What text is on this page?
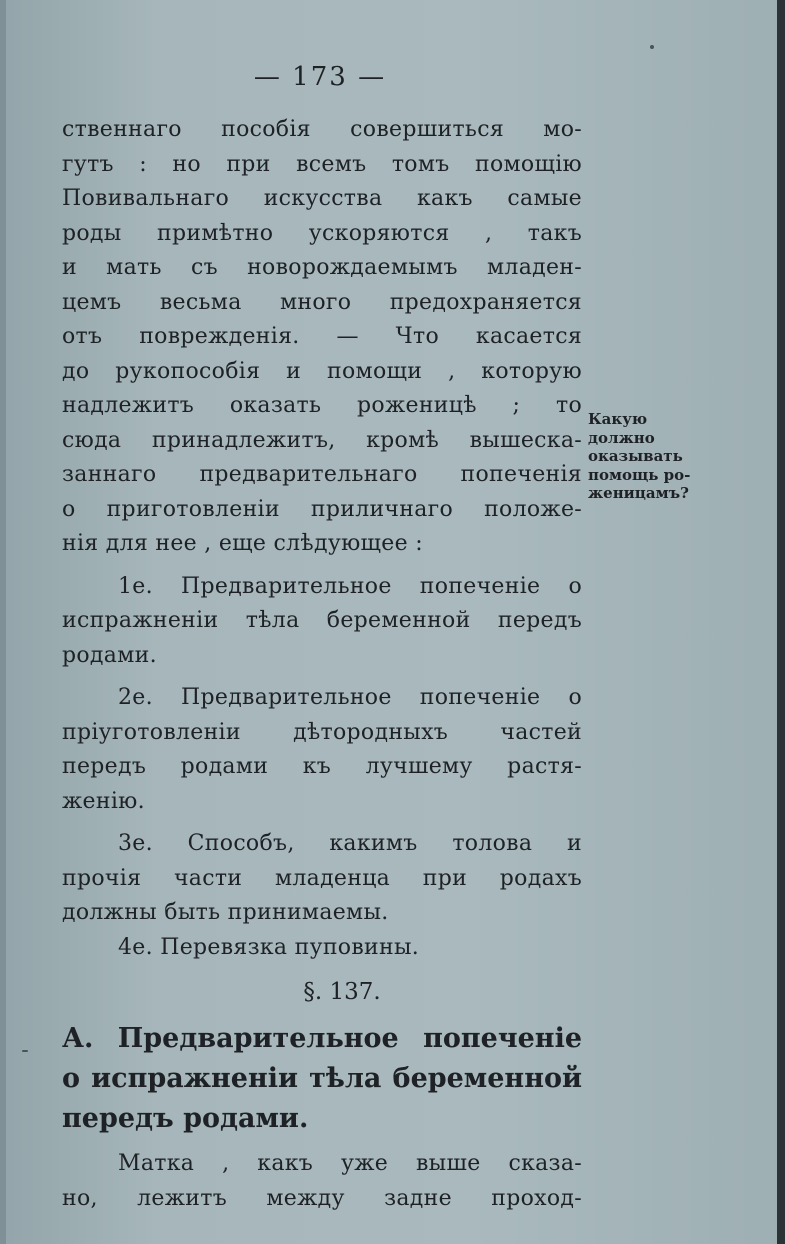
— 173 —
ственнаго пособія совершиться мо-
гутъ : но при всемъ томъ помощію
Повивальнаго искусства какъ самые
роды примѣтно ускоряются , такъ
и мать съ новорождаемымъ младен-
цемъ весьма много предохраняется
отъ поврежденія. — Что касается
до рукопособія и помощи , которую
надлежитъ оказать роженицѣ ; то
сюда принадлежитъ, кромѣ вышеска-
заннаго предварительнаго попеченія
о приготовленіи приличнаго положе-
нія для нее , еще слѣдующее :
1е. Предварительное попеченіе о
испражненіи тѣла беременной передъ
родами.
2е. Предварительное попеченіе о
пріуготовленіи дѣтородныхъ частей
передъ родами къ лучшему растя-
женію.
3е. Способъ, какимъ толова и
прочія части младенца при родахъ
должны быть принимаемы.
4е. Перевязка пуповины.
§. 137.
А. Предварительное попеченіе
о испражненіи тѣла беременной
передъ родами.
Матка , какъ уже выше сказа-
но, лежитъ между задне проход-
Какую
должно
оказывать
помощь ро-
женицамъ?
